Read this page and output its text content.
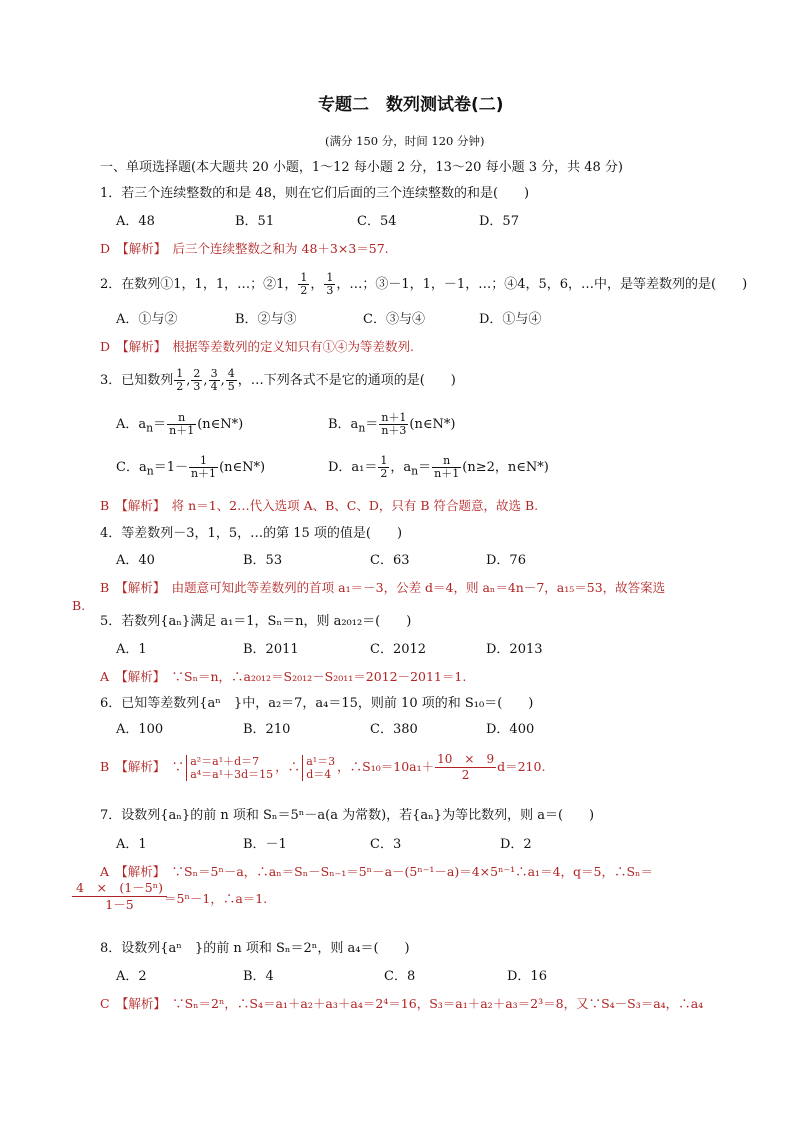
专题二　数列测试卷(二)
(满分 150 分，时间 120 分钟)
一、单项选择题(本大题共 20 小题，1～12 每小题 2 分，13～20 每小题 3 分，共 48 分)
1．若三个连续整数的和是 48，则在它们后面的三个连续整数的和是(　　)
A．48	B．51	C．54	D．57
D　【解析】　后三个连续整数之和为 48＋3×3＝57.
2．在数列①1，1，1，…；②1， $\frac{1}{2}$ ， $\frac{1}{3}$ ，…；③－1，1，－1，…；④4，5，6，…中，是等差数列的是(　　)
A．①与②	B．②与③	C．③与④	D．①与④
D　【解析】　根据等差数列的定义知只有①④为等差数列.
3．已知数列 $\frac{1}{2}$ , $\frac{2}{3}$ , $\frac{3}{4}$ , $\frac{4}{5}$ ，…下列各式不是它的通项的是(　　)
A．$a_n= \frac{n}{n+1}$ (n∈N*)	B．$a_n= \frac{n+1}{n+3}$ (n∈N*)
C．$a_n=1- \frac{1}{n+1}$ (n∈N*)	D．$a_1= \frac{1}{2}$ ，$a_n= \frac{n}{n+1} (n\ge 2$，n∈N*)
B　【解析】　将 n＝1、2…代入选项 A、B、C、D，只有 B 符合题意，故选 B.
4．等差数列－3，1，5，…的第 15 项的值是(　　)
A．40	B．53	C．63	D．76
B　【解析】　由题意可知此等差数列的首项 a₁＝－3，公差 d＝4，则 aₙ＝4n－7，a₁₅＝53，故答案选
B.
5．若数列{aₙ}满足 a₁＝1，Sₙ＝n，则 a₂₀₁₂＝(　　)
A．1	B．2011	C．2012	D．2013
A　【解析】　∵Sₙ＝n，∴a₂₀₁₂＝S₂₀₁₂－S₂₀₁₁＝2012－2011＝1.
6．已知等差数列{aⁿ　}中，a₂＝7，a₄＝15，则前 10 项的和 S₁₀＝(　　)
A．100	B．210	C．380	D．400
B　【解析】　∵ a²＝a¹＋d＝7
a⁴＝a¹＋3d＝15 ，∴ a¹＝3
d＝4 ，∴S₁₀＝10a₁＋ $\frac{10 \times 9}{2} d=210$.
7．设数列{aₙ}的前 n 项和 Sₙ＝5ⁿ－a(a 为常数)，若{aₙ}为等比数列，则 a＝(　　)
A．1	B．－1	C．3	D．2
A　【解析】　∵Sₙ＝5ⁿ－a，∴aₙ＝Sₙ－Sₙ₋₁＝5ⁿ－a－(5ⁿ⁻¹－a)＝4×5ⁿ⁻¹∴a₁＝4，q＝5，∴Sₙ＝
4　×　(1－5ⁿ)
1－5	＝5ⁿ－1，∴a＝1.
8．设数列{aⁿ　}的前 n 项和 Sₙ＝2ⁿ，则 a₄＝(　　)
A．2	B．4	C．8	D．16
C　【解析】　∵Sₙ＝2ⁿ，∴S₄＝a₁＋a₂＋a₃＋a₄＝2⁴＝16，S₃＝a₁＋a₂＋a₃＝2³＝8，又∵S₄－S₃＝a₄，∴a₄
